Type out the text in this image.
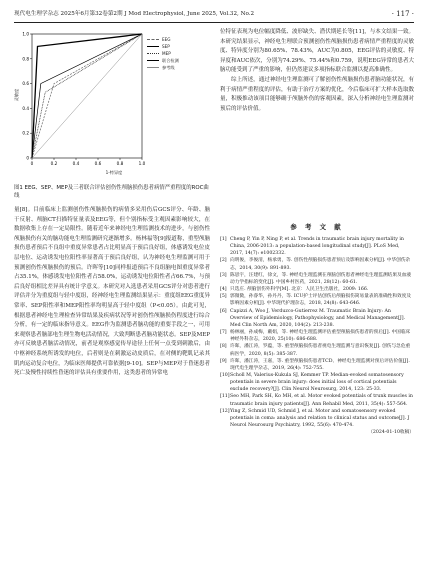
现代电生理学杂志 2025年6月第32卷第2期 J Mod Electrophysiol, June 2025, Vol.32, No.2	· 117 ·
0
0
0.2
0.2
0.4
0.4
0.6
0.6
0.8
0.8
1.0
1.0
灵敏度
1-特异度
EEG
SEP
MEP
联合检测
参考线
图1 EEG、SEP、MEP及三者联合评估创伤性颅脑损伤患者病情严重程度的ROC曲线

量[8]。目前临床上监测创伤性颅脑损伤的病情多采用伤后GCS评分、年龄、脑干反射、颅脑CT扫描特征量表及EEG等，但个别指标受主观因素影响较大，在数据收集上存在一定局限性。随着近年来神经电生理监测技术的进步，与创伤性颅脑损伤有关的脑功能电生理监测研究逐渐增多。杨林福等[9]报道称，重型颅脑损伤患者预后不良组中重度异常患者占比明显高于预后良好组，体感诱发电位皮层电位、运动诱发电位阳性率显著高于预后良好组，认为神经电生理监测可用于预测创伤性颅脑损伤的预后。许晖等[10]同样报道预后不良组脑电图重度异常者占35.1%，体感诱发电位阳性者占58.0%，运动诱发电位阳性者占66.7%，与预后良好组相比差异具有统计学意义。本研究对入选患者采用GCS评分对患者进行评估并分为重度组与轻中度组，经神经电生理监测结果显示：重度组EEG重度异常率、SEP阳性率和MEP阳性率均明显高于轻中度组（P<0.05）。由此可见，根据患者神经电生理检查异常结果及疾病状况等对创伤性颅脑损伤程度进行综合分析，有一定的临床指导意义。EEG作为监测患者脑功能的重要手段之一，可用来观察患者脑部电生理生物电活动情况，大致判断患者脑功能状态。SEP及MEP亦可反映患者脑活动情况，前者是观察感觉传导途径上任何一点受到刺激后，由中枢神经系统所诱发的电位，后者则是在刺激运动皮质后，在对侧的靶肌记录其肌肉运动复合电位，为临床医师提供可靠依据[9-10]。SEP与MEP对于昏迷患者死亡及慢性持续性昏迷的评估具有重要作用，这类患者的异常电

位特征表现为电位幅度降低、波形缺失、潜伏期延长等[11]，与本文结果一致。本研究结果显示，神经电生理联合预测创伤性颅脑损伤患者病情严重程度的灵敏度、特异度分别为80.65%、78.43%，AUC为0.805，EEG评估的灵敏度、特异度和AUC依次，分别为74.29%、75.44%和0.759，说明EEG异常的患者大脑功能受到了严重的影响，但仍然建议多项指标联合监测以提高准确性。

综上所述，通过神经电生理监测可了解创伤性颅脑损伤患者脑功能状况，有利于病情严重程度的评估，有助于治疗方案的优化，今后临床可扩大样本选取数量，积极推动该项目能够确于颅脑外伤的客观因素，深入分析神经电生理监测对预后的评估价值。

参 考 文 献
[1] Cheng P, Yin P, Ning P, et al. Trends in traumatic brain injury mortality in China, 2006-2013: a population-based longitudinal study[J]. PLoS Med, 2017, 14(7): e1002332.
[2] 向明俊，李俊清，杨承勇，等. 创伤性颅脑损伤患者预后及影响因素分析[J]. 中华创伤杂志，2014, 30(9): 891-893.
[3] 陈思宇，汪建红，徐文，等. 神经电生理监测在颅脑创伤患者神经电生理监测结果及血液动力学指标的变化[J]. 中国乡村医药，2021, 28(12): 60-61.
[4] 只选庄. 颅脑创伤外科学[M]. 北京：人民卫生出版社，2009: 166.
[5] 郭微微，孙睿华，孙丹丹，等. ICU护士评估创伤后颅脑损伤简易量表的准确性和效度及影响因素分析[J]. 中华现代护理杂志，2018, 24(8): 643-646.
[6] Capizzi A, Woo J, Verduzco-Gutierrez M. Traumatic Brain Injury: An Overview of Epidemiology, Pathophysiology, and Medical Management[J]. Med Clin North Am, 2020, 104(2): 213-238.
[7] 杨林丽，孙成梅，戴娟，等. 神经电生理监测评估重型颅脑损伤患者的预后[J]. 中国临床神经外科杂志，2020, 25(10): 686-688.
[8] 许晖，潘江涛，罗蕴，等. 重型颅脑损伤患者视电生理监测与意识恢复[J]. 创伤与急危重病医学，2020, 8(5): 385-387.
[9] 许晖，潘江涛，王嘉，等. 重型颅脑损伤患者TCD、神经电生理监测对预后评估价值[J]. 现代电生理学杂志，2019, 26(4): 752-755.
[10] Scholl M, Valerius-Kukula SJ, Kemmer TP. Median-evoked somatosensory potentials in severe brain injury: does initial loss of cortical potentials exclude recovery?[J]. Clin Neurol Neurosurg, 2014, 123: 25-33.
[11] Seo MH, Park SH, Ko MH, et al. Motor evoked potentials of trunk muscles in traumatic brain injury patients[J]. Ann Rehabil Med, 2011, 35(4): 557-564.
[12] Ying Z, Schmid UD, Schmid J, et al. Motor and somatosensory evoked potentials in coma: analysis and relation to clinical status and outcome[J]. J Neurol Neurosurg Psychiatry, 1992, 55(6): 470-474.
（2024-01-10收稿）
